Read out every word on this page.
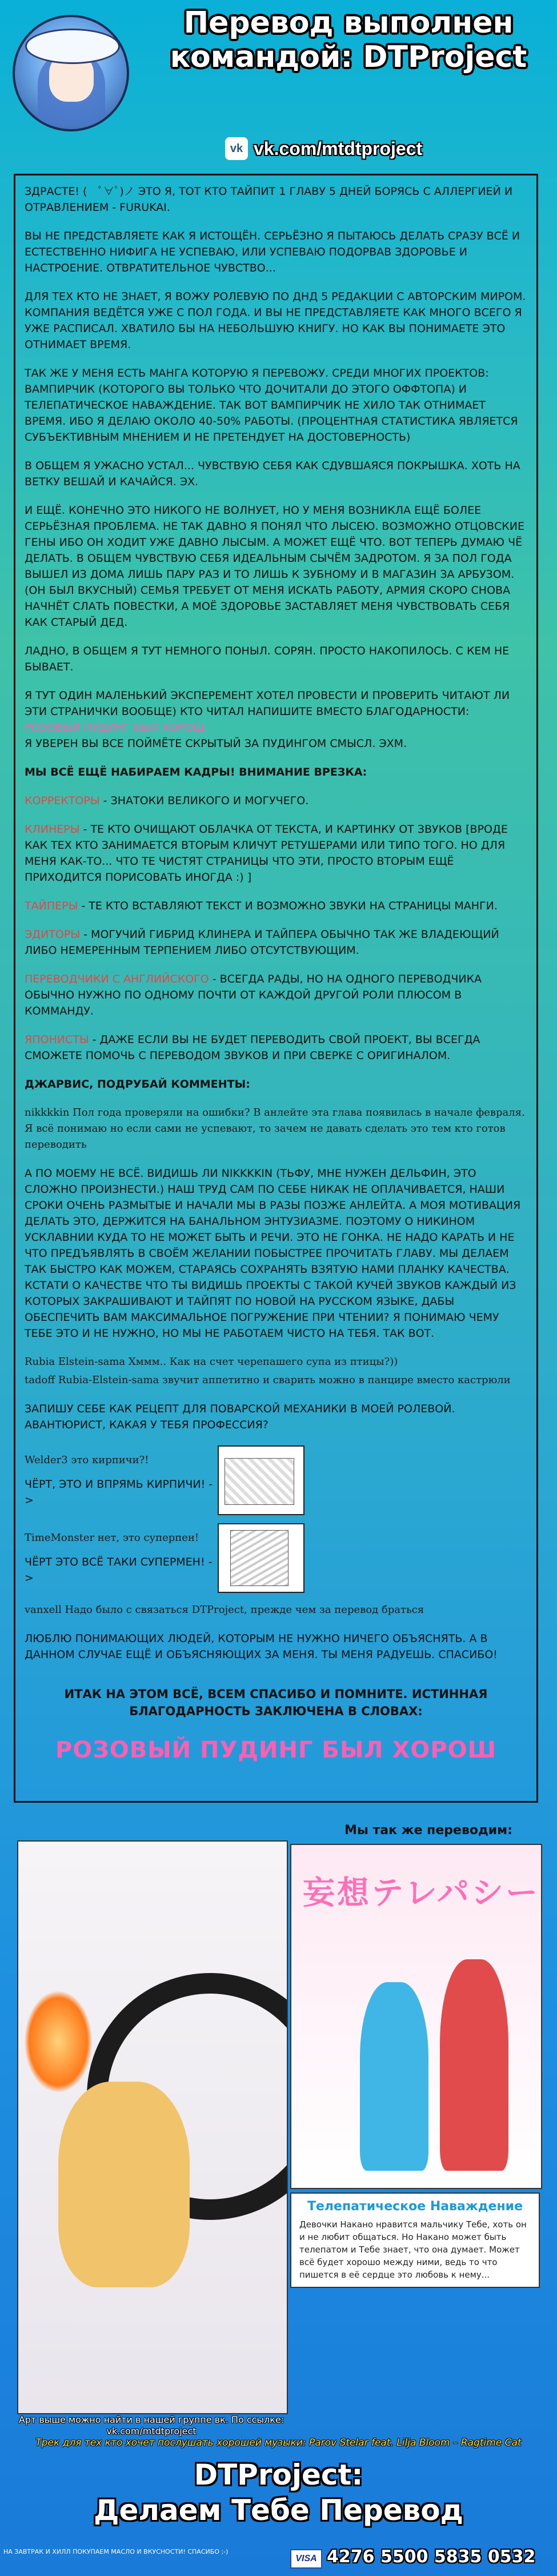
Перевод выполнен командой: DTProject
vk vk.com/mtdtproject

ЗДРАСТЕ! (　ﾟ∀ﾟ)ノ ЭТО Я, ТОТ КТО ТАЙПИТ 1 ГЛАВУ 5 ДНЕЙ БОРЯСЬ С АЛЛЕРГИЕЙ И ОТРАВЛЕНИЕМ - FURUKAI.

ВЫ НЕ ПРЕДСТАВЛЯЕТЕ КАК Я ИСТОЩЁН. СЕРЬЁЗНО Я ПЫТАЮСЬ ДЕЛАТЬ СРАЗУ ВСЁ И ЕСТЕСТВЕННО НИФИГА НЕ УСПЕВАЮ, ИЛИ УСПЕВАЮ ПОДОРВАВ ЗДОРОВЬЕ И НАСТРОЕНИЕ. ОТВРАТИТЕЛЬНОЕ ЧУВСТВО...

ДЛЯ ТЕХ КТО НЕ ЗНАЕТ, Я ВОЖУ РОЛЕВУЮ ПО ДНД 5 РЕДАКЦИИ С АВТОРСКИМ МИРОМ. КОМПАНИЯ ВЕДЁТСЯ УЖЕ С ПОЛ ГОДА. И ВЫ НЕ ПРЕДСТАВЛЯЕТЕ КАК МНОГО ВСЕГО Я УЖЕ РАСПИСАЛ. ХВАТИЛО БЫ НА НЕБОЛЬШУЮ КНИГУ. НО КАК ВЫ ПОНИМАЕТЕ ЭТО ОТНИМАЕТ ВРЕМЯ.

ТАК ЖЕ У МЕНЯ ЕСТЬ МАНГА КОТОРУЮ Я ПЕРЕВОЖУ. СРЕДИ МНОГИХ ПРОЕКТОВ: ВАМПИРЧИК (КОТОРОГО ВЫ ТОЛЬКО ЧТО ДОЧИТАЛИ ДО ЭТОГО ОФФТОПА) И ТЕЛЕПАТИЧЕСКОЕ НАВАЖДЕНИЕ. ТАК ВОТ ВАМПИРЧИК НЕ ХИЛО ТАК ОТНИМАЕТ ВРЕМЯ. ИБО Я ДЕЛАЮ ОКОЛО 40-50% РАБОТЫ. (ПРОЦЕНТНАЯ СТАТИСТИКА ЯВЛЯЕТСЯ СУБЪЕКТИВНЫМ МНЕНИЕМ И НЕ ПРЕТЕНДУЕТ НА ДОСТОВЕРНОСТЬ)

В ОБЩЕМ Я УЖАСНО УСТАЛ... ЧУВСТВУЮ СЕБЯ КАК СДУВШАЯСЯ ПОКРЫШКА. ХОТЬ НА ВЕТКУ ВЕШАЙ И КАЧАЙСЯ. ЭХ.

И ЕЩЁ. КОНЕЧНО ЭТО НИКОГО НЕ ВОЛНУЕТ, НО У МЕНЯ ВОЗНИКЛА ЕЩЁ БОЛЕЕ СЕРЬЁЗНАЯ ПРОБЛЕМА. НЕ ТАК ДАВНО Я ПОНЯЛ ЧТО ЛЫСЕЮ. ВОЗМОЖНО ОТЦОВСКИЕ ГЕНЫ ИБО ОН ХОДИТ УЖЕ ДАВНО ЛЫСЫМ. А МОЖЕТ ЕЩЁ ЧТО. ВОТ ТЕПЕРЬ ДУМАЮ ЧЁ ДЕЛАТЬ. В ОБЩЕМ ЧУВСТВУЮ СЕБЯ ИДЕАЛЬНЫМ СЫЧЁМ ЗАДРОТОМ. Я ЗА ПОЛ ГОДА ВЫШЕЛ ИЗ ДОМА ЛИШЬ ПАРУ РАЗ И ТО ЛИШЬ К ЗУБНОМУ И В МАГАЗИН ЗА АРБУЗОМ. (ОН БЫЛ ВКУСНЫЙ) СЕМЬЯ ТРЕБУЕТ ОТ МЕНЯ ИСКАТЬ РАБОТУ, АРМИЯ СКОРО СНОВА НАЧНЁТ СЛАТЬ ПОВЕСТКИ, А МОЁ ЗДОРОВЬЕ ЗАСТАВЛЯЕТ МЕНЯ ЧУВСТВОВАТЬ СЕБЯ КАК СТАРЫЙ ДЕД.

ЛАДНО, В ОБЩЕМ Я ТУТ НЕМНОГО ПОНЫЛ. СОРЯН. ПРОСТО НАКОПИЛОСЬ. С КЕМ НЕ БЫВАЕТ.

Я ТУТ ОДИН МАЛЕНЬКИЙ ЭКСПЕРЕМЕНТ ХОТЕЛ ПРОВЕСТИ И ПРОВЕРИТЬ ЧИТАЮТ ЛИ ЭТИ СТРАНИЧКИ ВООБЩЕ) КТО ЧИТАЛ НАПИШИТЕ ВМЕСТО БЛАГОДАРНОСТИ:
РОЗОВЫЙ ПУДИНГ БЫЛ ХОРОШ.
Я УВЕРЕН ВЫ ВСЕ ПОЙМЁТЕ СКРЫТЫЙ ЗА ПУДИНГОМ СМЫСЛ. ЭХМ.

МЫ ВСЁ ЕЩЁ НАБИРАЕМ КАДРЫ! ВНИМАНИЕ ВРЕЗКА:

КОРРЕКТОРЫ - ЗНАТОКИ ВЕЛИКОГО И МОГУЧЕГО.

КЛИНЕРЫ - ТЕ КТО ОЧИЩАЮТ ОБЛАЧКА ОТ ТЕКСТА, И КАРТИНКУ ОТ ЗВУКОВ [ВРОДЕ КАК ТЕХ КТО ЗАНИМАЕТСЯ ВТОРЫМ КЛИЧУТ РЕТУШЕРАМИ ИЛИ ТИПО ТОГО. НО ДЛЯ МЕНЯ КАК-ТО... ЧТО ТЕ ЧИСТЯТ СТРАНИЦЫ ЧТО ЭТИ, ПРОСТО ВТОРЫМ ЕЩЁ ПРИХОДИТСЯ ПОРИСОВАТЬ ИНОГДА :) ]

ТАЙПЕРЫ - ТЕ КТО ВСТАВЛЯЮТ ТЕКСТ И ВОЗМОЖНО ЗВУКИ НА СТРАНИЦЫ МАНГИ.

ЭДИТОРЫ - МОГУЧИЙ ГИБРИД КЛИНЕРА И ТАЙПЕРА ОБЫЧНО ТАК ЖЕ ВЛАДЕЮЩИЙ ЛИБО НЕМЕРЕННЫМ ТЕРПЕНИЕМ ЛИБО ОТСУТСТВУЮЩИМ.

ПЕРЕВОДЧИКИ С АНГЛИЙСКОГО - ВСЕГДА РАДЫ, НО НА ОДНОГО ПЕРЕВОДЧИКА ОБЫЧНО НУЖНО ПО ОДНОМУ ПОЧТИ ОТ КАЖДОЙ ДРУГОЙ РОЛИ ПЛЮСОМ В КОММАНДУ.

ЯПОНИСТЫ - ДАЖЕ ЕСЛИ ВЫ НЕ БУДЕТ ПЕРЕВОДИТЬ СВОЙ ПРОЕКТ, ВЫ ВСЕГДА СМОЖЕТЕ ПОМОЧЬ С ПЕРЕВОДОМ ЗВУКОВ И ПРИ СВЕРКЕ С ОРИГИНАЛОМ.

ДЖАРВИС, ПОДРУБАЙ КОММЕНТЫ:

nikkkkin Пол года проверяли на ошибки? В анлейте эта глава появилась в начале февраля. Я всё понимаю но если сами не успевают, то зачем не давать сделать это тем кто готов переводить

А ПО МОЕМУ НЕ ВСЁ. ВИДИШЬ ЛИ NIKKKKIN (ТЬФУ, МНЕ НУЖЕН ДЕЛЬФИН, ЭТО СЛОЖНО ПРОИЗНЕСТИ.) НАШ ТРУД САМ ПО СЕБЕ НИКАК НЕ ОПЛАЧИВАЕТСЯ, НАШИ СРОКИ ОЧЕНЬ РАЗМЫТЫЕ И НАЧАЛИ МЫ В РАЗЫ ПОЗЖЕ АНЛЕЙТА. А МОЯ МОТИВАЦИЯ ДЕЛАТЬ ЭТО, ДЕРЖИТСЯ НА БАНАЛЬНОМ ЭНТУЗИАЗМЕ. ПОЭТОМУ О НИКИНОМ УСКЛАВНИИ КУДА ТО НЕ МОЖЕТ БЫТЬ И РЕЧИ. ЭТО НЕ ГОНКА. НЕ НАДО КАРАТЬ И НЕ ЧТО ПРЕДЪЯВЛЯТЬ В СВОЁМ ЖЕЛАНИИ ПОБЫСТРЕЕ ПРОЧИТАТЬ ГЛАВУ. МЫ ДЕЛАЕМ ТАК БЫСТРО КАК МОЖЕМ, СТАРАЯСЬ СОХРАНЯТЬ ВЗЯТУЮ НАМИ ПЛАНКУ КАЧЕСТВА. КСТАТИ О КАЧЕСТВЕ ЧТО ТЫ ВИДИШЬ ПРОЕКТЫ С ТАКОЙ КУЧЕЙ ЗВУКОВ КАЖДЫЙ ИЗ КОТОРЫХ ЗАКРАШИВАЮТ И ТАЙПЯТ ПО НОВОЙ НА РУССКОМ ЯЗЫКЕ, ДАБЫ ОБЕСПЕЧИТЬ ВАМ МАКСИМАЛЬНОЕ ПОГРУЖЕНИЕ ПРИ ЧТЕНИИ? Я ПОНИМАЮ ЧЕМУ ТЕБЕ ЭТО И НЕ НУЖНО, НО МЫ НЕ РАБОТАЕМ ЧИСТО НА ТЕБЯ. ТАК ВОТ.

Rubia Elstein-sama Хммм.. Как на счет черепашего супа из птицы?))

tadoff Rubia-Elstein-sama звучит аппетитно и сварить можно в панцире вместо кастрюли

ЗАПИШУ СЕБЕ КАК РЕЦЕПТ ДЛЯ ПОВАРСКОЙ МЕХАНИКИ В МОЕЙ РОЛЕВОЙ. АВАНТЮРИСТ, КАКАЯ У ТЕБЯ ПРОФЕССИЯ?

Welder3 это кирпичи?!

ЧЁРТ, ЭТО И ВПРЯМЬ КИРПИЧИ! ->

TimeMonster нет, это суперпен!

ЧЁРТ ЭТО ВСЁ ТАКИ СУПЕРМЕН! ->

vanxell Надо было с связаться DTProject, прежде чем за перевод браться

ЛЮБЛЮ ПОНИМАЮЩИХ ЛЮДЕЙ, КОТОРЫМ НЕ НУЖНО НИЧЕГО ОБЪЯСНЯТЬ. А В ДАННОМ СЛУЧАЕ ЕЩЁ И ОБЪЯСНЯЮЩИХ ЗА МЕНЯ. ТЫ МЕНЯ РАДУЕШЬ. СПАСИБО!

ИТАК НА ЭТОМ ВСЁ, ВСЕМ СПАСИБО И ПОМНИТЕ. ИСТИННАЯ БЛАГОДАРНОСТЬ ЗАКЛЮЧЕНА В СЛОВАХ:
РОЗОВЫЙ ПУДИНГ БЫЛ ХОРОШ
Арт выше можно найти в нашей группе вк. По ссылке: vk.com/mtdtproject
Мы так же переводим:
妄想テレパシー
Телепатическое Наваждение
Девочки Накано нравится мальчику Тебе, хоть он и не любит общаться. Но Накано может быть телепатом и Тебе знает, что она думает. Может всё будет хорошо между ними, ведь то что пишется в её сердце это любовь к нему...
Трек для тех кто хочет послушать хорошей музыки: Parov Stelar feat. Lilja Bloom – Ragtime Cat
DTProject:
Делаем Тебе Перевод
НА ЗАВТРАК И ХИЛЛ ПОКУПАЕМ МАСЛО И ВКУСНОСТИ! СПАСИБО ;-)
VISA 4276 5500 5835 0532
